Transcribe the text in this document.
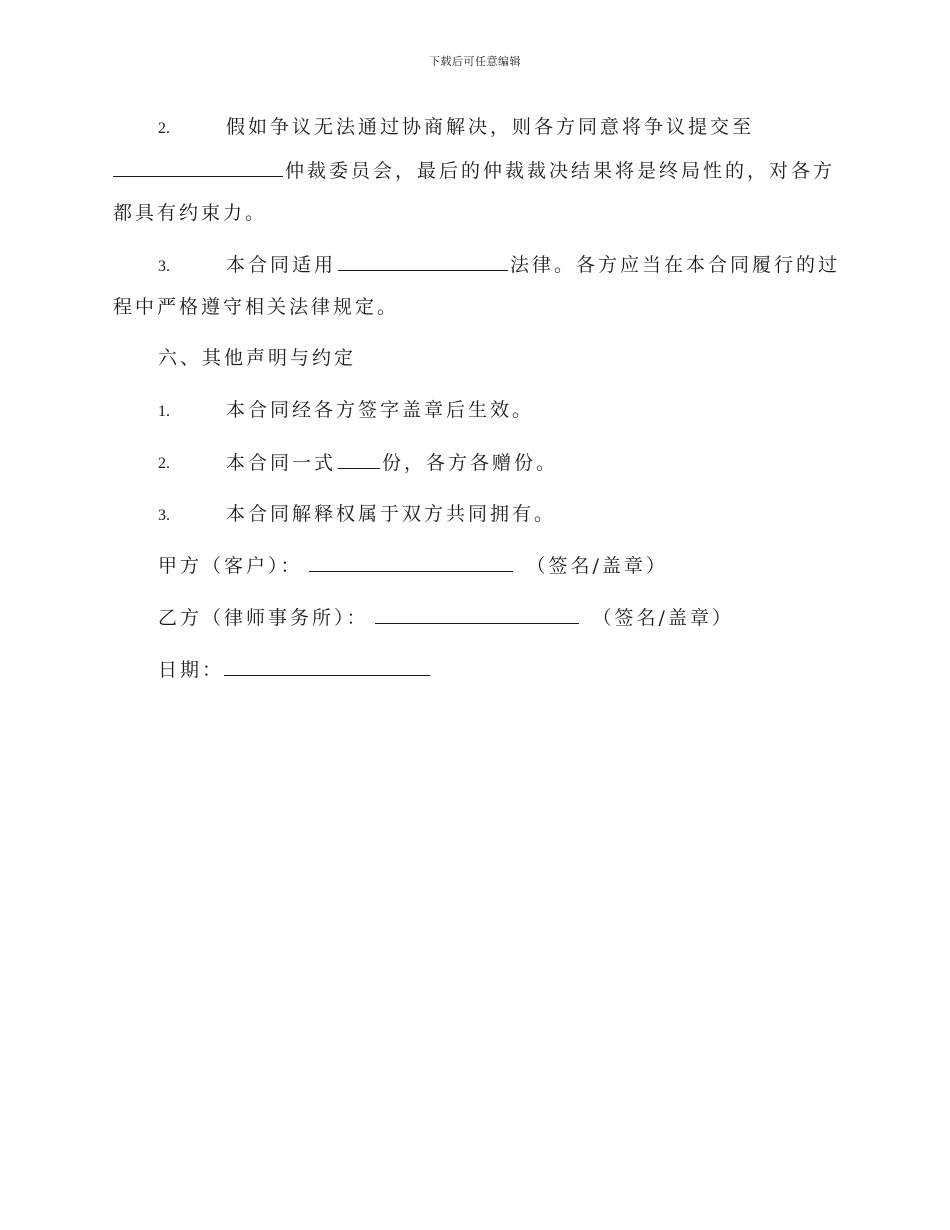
下载后可任意编辑
2.	假如争议无法通过协商解决，则各方同意将争议提交至
仲裁委员会，最后的仲裁裁决结果将是终局性的，对各方
都具有约束力。
3.	本合同适用	法律。各方应当在本合同履行的过
程中严格遵守相关法律规定。
六、其他声明与约定
1.	本合同经各方签字盖章后生效。
2.	本合同一式 份，各方各赠份。
3.	本合同解释权属于双方共同拥有。
甲方（客户）：	（签名/盖章）
乙方（律师事务所）：	（签名/盖章）
日期：
